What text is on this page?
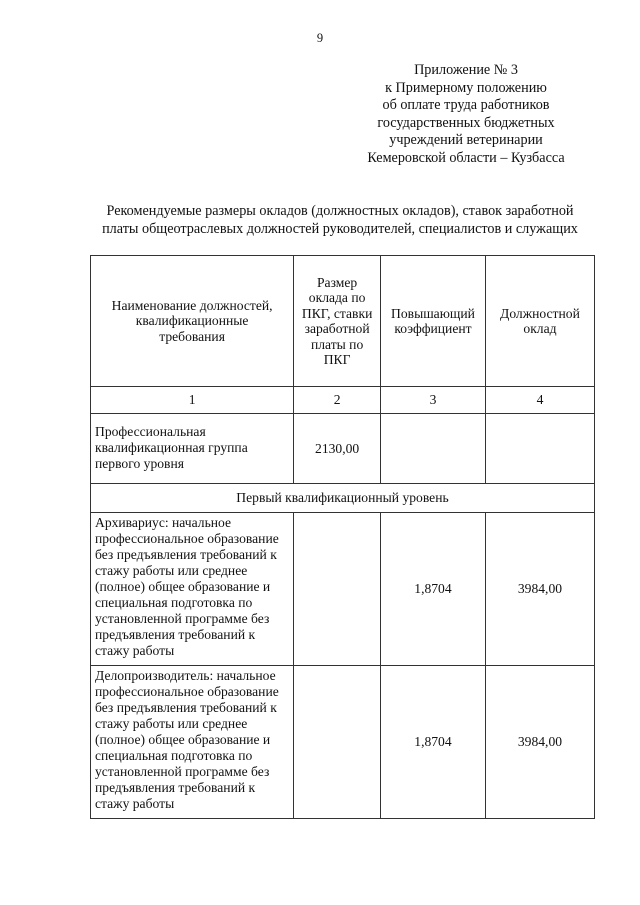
9
Приложение № 3
к Примерному положению
об оплате труда работников
государственных бюджетных
учреждений ветеринарии
Кемеровской области – Кузбасса
Рекомендуемые размеры окладов (должностных окладов), ставок заработной
платы общеотраслевых должностей руководителей, специалистов и служащих
Наименование должностей, квалификационные требования	Размер оклада по ПКГ, ставки заработной платы по ПКГ	Повышающий коэффициент	Должностной оклад
1	2	3	4
Профессиональная квалификационная группа первого уровня	2130,00		
Первый квалификационный уровень			
Архивариус: начальное профессиональное образование без предъявления требований к стажу работы или среднее (полное) общее образование и специальная подготовка по установленной программе без предъявления требований к стажу работы		1,8704	3984,00
Делопроизводитель: начальное профессиональное образование без предъявления требований к стажу работы или среднее (полное) общее образование и специальная подготовка по установленной программе без предъявления требований к стажу работы		1,8704	3984,00
